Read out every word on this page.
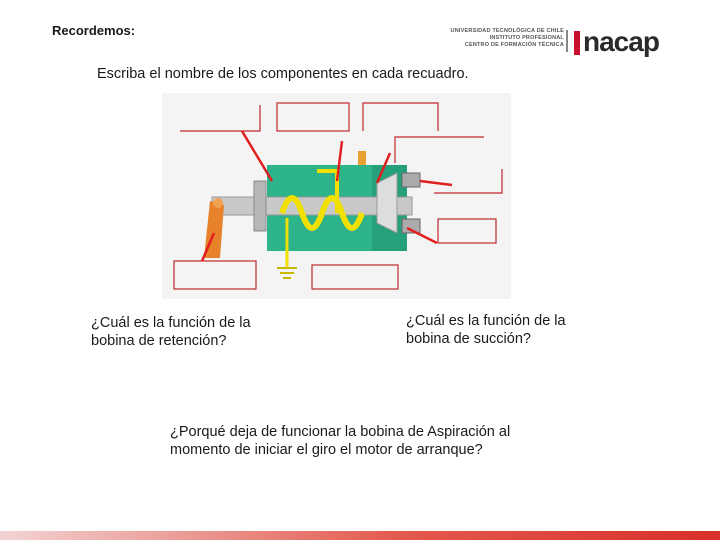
Recordemos:	UNIVERSIDAD TECNOLÓGICA DE CHILE
INSTITUTO PROFESIONAL
CENTRO DE FORMACIÓN TÉCNICA nacap
Escriba el nombre de los componentes en cada recuadro.
¿Cuál es la función de la bobina de retención?
¿Cuál es la función de la bobina de succión?
¿Porqué deja de funcionar la bobina de Aspiración al momento de iniciar el giro el motor de arranque?
